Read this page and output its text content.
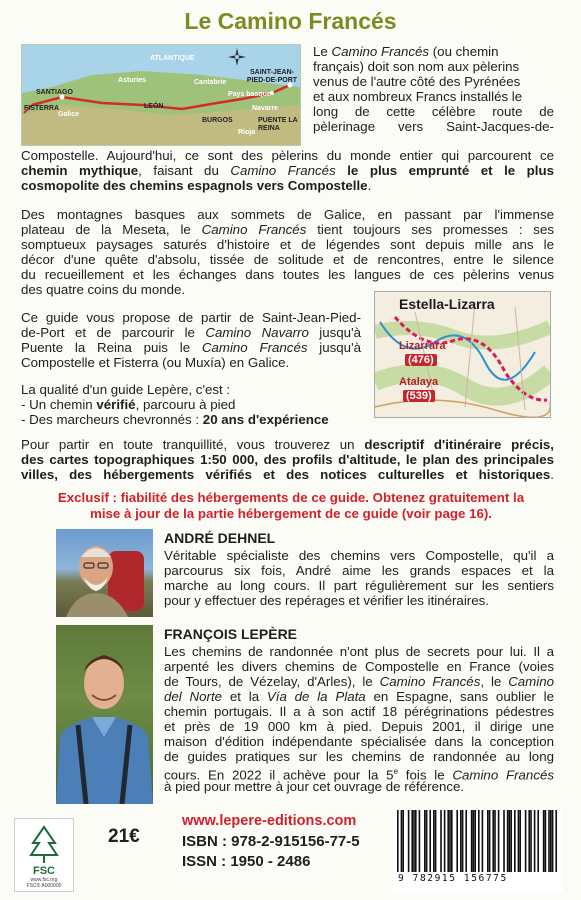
Le Camino Francés
ATLANTIQUE
SANTIAGO
FISTERRA
Galice
Asturies	Cantabrie
Pays basque
Navarre
LEÓN
BURGOS
SAINT-JEAN-PIED-DE-PORT
PUENTE LA REINA
Rioja
Le Camino Francés (ou chemin
français) doit son nom aux pèlerins
venus de l'autre côté des Pyrénées
et aux nombreux Francs installés le
long de cette célèbre route de
pèlerinage vers Saint-Jacques-de-
Compostelle. Aujourd'hui, ce sont des pèlerins du monde entier qui parcourent ce
chemin mythique, faisant du Camino Francés le plus emprunté et le plus
cosmopolite des chemins espagnols vers Compostelle.
Des montagnes basques aux sommets de Galice, en passant par l'immense
plateau de la Meseta, le Camino Francés tient toujours ses promesses : ses
somptueux paysages saturés d'histoire et de légendes sont depuis mille ans le
décor d'une quête d'absolu, tissée de solitude et de rencontres, entre le silence
du recueillement et les échanges dans toutes les langues de ces pèlerins venus
des quatre coins du monde.
Ce guide vous propose de partir de Saint-Jean-Pied-
de-Port et de parcourir le Camino Navarro jusqu'à
Puente la Reina puis le Camino Francés jusqu'à
Compostelle et Fisterra (ou Muxía) en Galice.
La qualité d'un guide Lepère, c'est :
- Un chemin vérifié, parcouru à pied
- Des marcheurs chevronnés : 20 ans d'expérience
Estella-Lizarra
Lizarrara
(476)
Atalaya
(539)
Pour partir en toute tranquillité, vous trouverez un descriptif d'itinéraire précis,
des cartes topographiques 1:50 000, des profils d'altitude, le plan des principales
villes, des hébergements vérifiés et des notices culturelles et historiques.
Exclusif : fiabilité des hébergements de ce guide. Obtenez gratuitement la
mise à jour de la partie hébergement de ce guide (voir page 16).
ANDRÉ DEHNEL
Véritable spécialiste des chemins vers Compostelle, qu'il a
parcourus six fois, André aime les grands espaces et la
marche au long cours. Il part régulièrement sur les sentiers
pour y effectuer des repérages et vérifier les itinéraires.
FRANÇOIS LEPÈRE
Les chemins de randonnée n'ont plus de secrets pour lui. Il a
arpenté les divers chemins de Compostelle en France (voies
de Tours, de Vézelay, d'Arles), le Camino Francés, le Camino
del Norte et la Vía de la Plata en Espagne, sans oublier le
chemin portugais. Il a à son actif 18 pérégrinations pédestres
et près de 19 000 km à pied. Depuis 2001, il dirige une
maison d'édition indépendante spécialisée dans la conception
de guides pratiques sur les chemins de randonnée au long
cours. En 2022 il achève pour la 5e fois le Camino Francés
à pied pour mettre à jour cet ouvrage de référence.
FSC
www.fsc.org
FSC® A000000
21€
www.lepere-editions.com
ISBN : 978-2-915156-77-5
ISSN : 1950 - 2486
9 782915 156775
